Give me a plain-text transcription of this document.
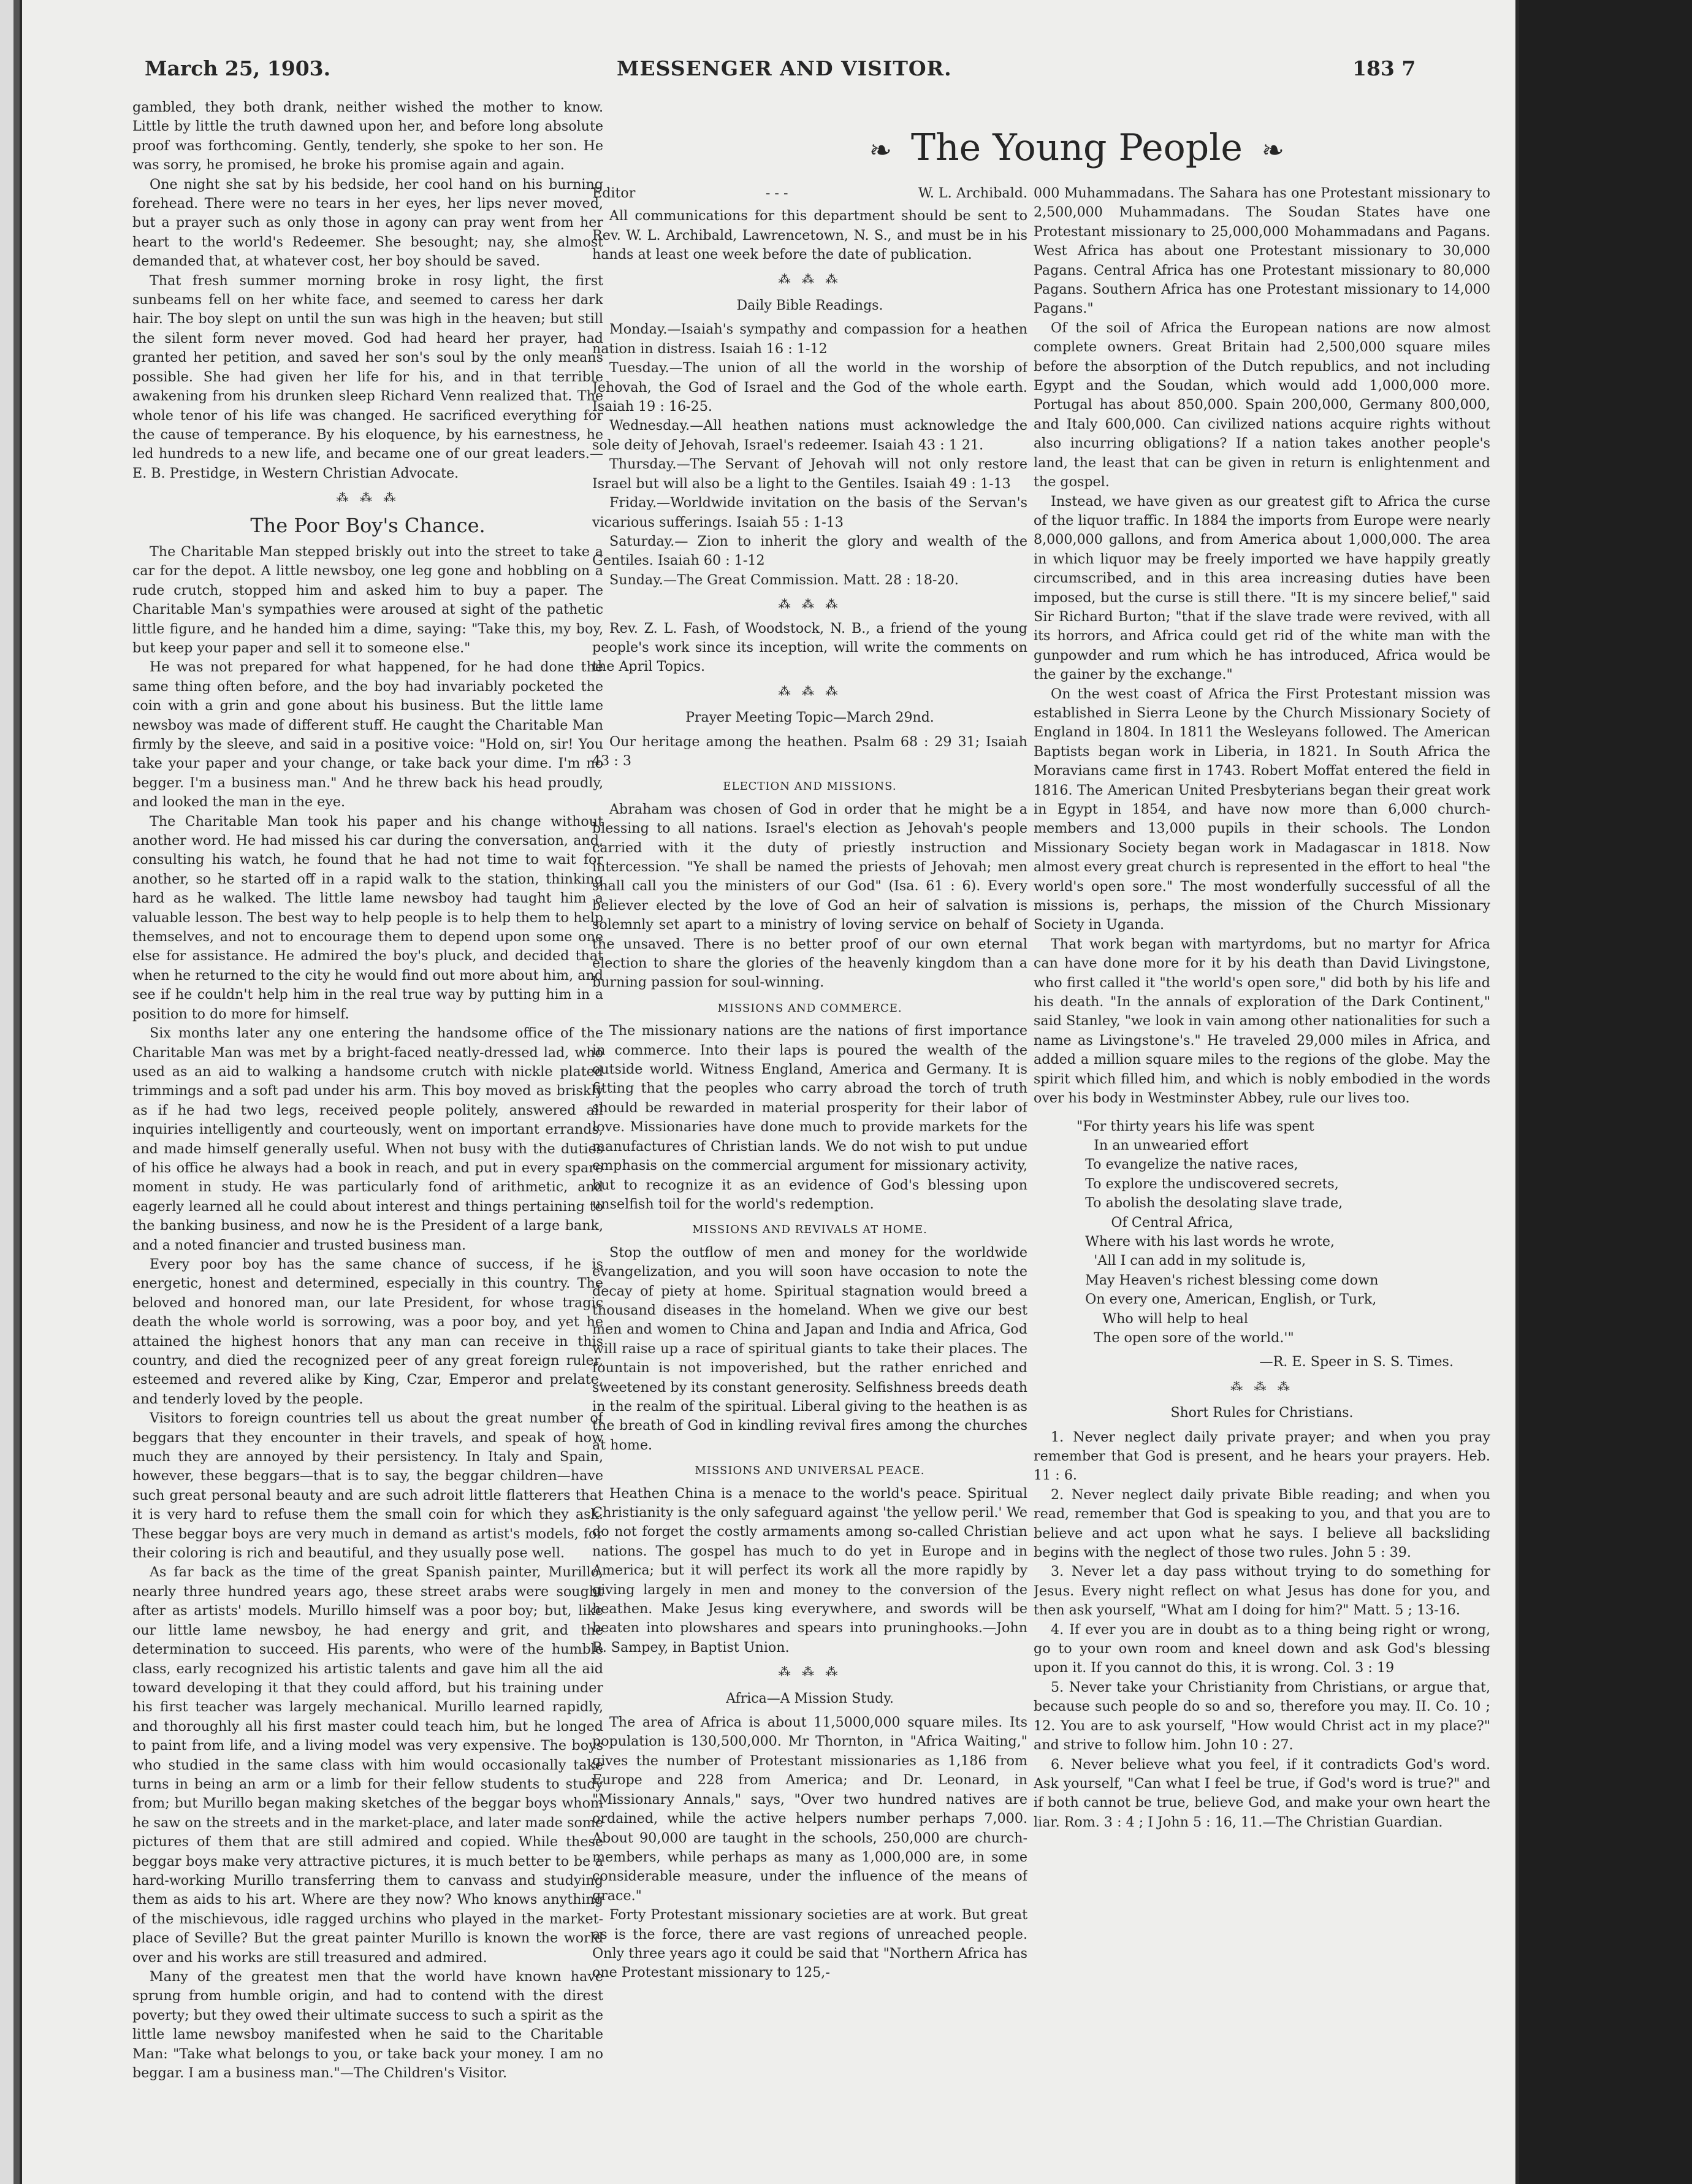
March 25, 1903.	MESSENGER AND VISITOR.	183 7
❧ The Young People ❧

gambled, they both drank, neither wished the mother to know. Little by little the truth dawned upon her, and before long absolute proof was forthcoming. Gently, tenderly, she spoke to her son. He was sorry, he promised, he broke his promise again and again.

One night she sat by his bedside, her cool hand on his burning forehead. There were no tears in her eyes, her lips never moved, but a prayer such as only those in agony can pray went from her heart to the world's Redeemer. She besought; nay, she almost demanded that, at whatever cost, her boy should be saved.

That fresh summer morning broke in rosy light, the first sunbeams fell on her white face, and seemed to caress her dark hair. The boy slept on until the sun was high in the heaven; but still the silent form never moved. God had heard her prayer, had granted her petition, and saved her son's soul by the only means possible. She had given her life for his, and in that terrible awakening from his drunken sleep Richard Venn realized that. The whole tenor of his life was changed. He sacrificed everything for the cause of temperance. By his eloquence, by his earnestness, he led hundreds to a new life, and became one of our great leaders.—E. B. Prestidge, in Western Christian Advocate.

⁂ ⁂ ⁂
The Poor Boy's Chance.

The Charitable Man stepped briskly out into the street to take a car for the depot. A little newsboy, one leg gone and hobbling on a rude crutch, stopped him and asked him to buy a paper. The Charitable Man's sympathies were aroused at sight of the pathetic little figure, and he handed him a dime, saying: "Take this, my boy, but keep your paper and sell it to someone else."

He was not prepared for what happened, for he had done the same thing often before, and the boy had invariably pocketed the coin with a grin and gone about his business. But the little lame newsboy was made of different stuff. He caught the Charitable Man firmly by the sleeve, and said in a positive voice: "Hold on, sir! You take your paper and your change, or take back your dime. I'm no begger. I'm a business man." And he threw back his head proudly, and looked the man in the eye.

The Charitable Man took his paper and his change without another word. He had missed his car during the conversation, and, consulting his watch, he found that he had not time to wait for another, so he started off in a rapid walk to the station, thinking hard as he walked. The little lame newsboy had taught him a valuable lesson. The best way to help people is to help them to help themselves, and not to encourage them to depend upon some one else for assistance. He admired the boy's pluck, and decided that when he returned to the city he would find out more about him, and see if he couldn't help him in the real true way by putting him in a position to do more for himself.

Six months later any one entering the handsome office of the Charitable Man was met by a bright-faced neatly-dressed lad, who used as an aid to walking a handsome crutch with nickle plated trimmings and a soft pad under his arm. This boy moved as briskly as if he had two legs, received people politely, answered all inquiries intelligently and courteously, went on important errands, and made himself generally useful. When not busy with the duties of his office he always had a book in reach, and put in every spare moment in study. He was particularly fond of arithmetic, and eagerly learned all he could about interest and things pertaining to the banking business, and now he is the President of a large bank, and a noted financier and trusted business man.

Every poor boy has the same chance of success, if he is energetic, honest and determined, especially in this country. The beloved and honored man, our late President, for whose tragic death the whole world is sorrowing, was a poor boy, and yet he attained the highest honors that any man can receive in this country, and died the recognized peer of any great foreign ruler, esteemed and revered alike by King, Czar, Emperor and prelate, and tenderly loved by the people.

Visitors to foreign countries tell us about the great number of beggars that they encounter in their travels, and speak of how much they are annoyed by their persistency. In Italy and Spain, however, these beggars—that is to say, the beggar children—have such great personal beauty and are such adroit little flatterers that it is very hard to refuse them the small coin for which they ask. These beggar boys are very much in demand as artist's models, for their coloring is rich and beautiful, and they usually pose well.

As far back as the time of the great Spanish painter, Murillo, nearly three hundred years ago, these street arabs were sought after as artists' models. Murillo himself was a poor boy; but, like our little lame newsboy, he had energy and grit, and the determination to succeed. His parents, who were of the humble class, early recognized his artistic talents and gave him all the aid toward developing it that they could afford, but his training under his first teacher was largely mechanical. Murillo learned rapidly, and thoroughly all his first master could teach him, but he longed to paint from life, and a living model was very expensive. The boys who studied in the same class with him would occasionally take turns in being an arm or a limb for their fellow students to study from; but Murillo began making sketches of the beggar boys whom he saw on the streets and in the market-place, and later made some pictures of them that are still admired and copied. While these beggar boys make very attractive pictures, it is much better to be a hard-working Murillo transferring them to canvass and studying them as aids to his art. Where are they now? Who knows anything of the mischievous, idle ragged urchins who played in the market-place of Seville? But the great painter Murillo is known the world over and his works are still treasured and admired.

Many of the greatest men that the world have known have sprung from humble origin, and had to contend with the direst poverty; but they owed their ultimate success to such a spirit as the little lame newsboy manifested when he said to the Charitable Man: "Take what belongs to you, or take back your money. I am no beggar. I am a business man."—The Children's Visitor.

Editor	- - -	W. L. Archibald.

All communications for this department should be sent to Rev. W. L. Archibald, Lawrencetown, N. S., and must be in his hands at least one week before the date of publication.

⁂ ⁂ ⁂
Daily Bible Readings.

Monday.—Isaiah's sympathy and compassion for a heathen nation in distress. Isaiah 16 : 1-12

Tuesday.—The union of all the world in the worship of Jehovah, the God of Israel and the God of the whole earth. Isaiah 19 : 16-25.

Wednesday.—All heathen nations must acknowledge the sole deity of Jehovah, Israel's redeemer. Isaiah 43 : 1 21.

Thursday.—The Servant of Jehovah will not only restore Israel but will also be a light to the Gentiles. Isaiah 49 : 1-13

Friday.—Worldwide invitation on the basis of the Servan's vicarious sufferings. Isaiah 55 : 1-13

Saturday.— Zion to inherit the glory and wealth of the Gentiles. Isaiah 60 : 1-12

Sunday.—The Great Commission. Matt. 28 : 18-20.

⁂ ⁂ ⁂

Rev. Z. L. Fash, of Woodstock, N. B., a friend of the young people's work since its inception, will write the comments on the April Topics.

⁂ ⁂ ⁂
Prayer Meeting Topic—March 29nd.

Our heritage among the heathen. Psalm 68 : 29 31; Isaiah 43 : 3

ELECTION AND MISSIONS.

Abraham was chosen of God in order that he might be a blessing to all nations. Israel's election as Jehovah's people carried with it the duty of priestly instruction and intercession. "Ye shall be named the priests of Jehovah; men shall call you the ministers of our God" (Isa. 61 : 6). Every believer elected by the love of God an heir of salvation is solemnly set apart to a ministry of loving service on behalf of the unsaved. There is no better proof of our own eternal election to share the glories of the heavenly kingdom than a burning passion for soul-winning.

MISSIONS AND COMMERCE.

The missionary nations are the nations of first importance in commerce. Into their laps is poured the wealth of the outside world. Witness England, America and Germany. It is fitting that the peoples who carry abroad the torch of truth should be rewarded in material prosperity for their labor of love. Missionaries have done much to provide markets for the manufactures of Christian lands. We do not wish to put undue emphasis on the commercial argument for missionary activity, but to recognize it as an evidence of God's blessing upon unselfish toil for the world's redemption.

MISSIONS AND REVIVALS AT HOME.

Stop the outflow of men and money for the worldwide evangelization, and you will soon have occasion to note the decay of piety at home. Spiritual stagnation would breed a thousand diseases in the homeland. When we give our best men and women to China and Japan and India and Africa, God will raise up a race of spiritual giants to take their places. The fountain is not impoverished, but the rather enriched and sweetened by its constant generosity. Selfishness breeds death in the realm of the spiritual. Liberal giving to the heathen is as the breath of God in kindling revival fires among the churches at home.

MISSIONS AND UNIVERSAL PEACE.

Heathen China is a menace to the world's peace. Spiritual Christianity is the only safeguard against 'the yellow peril.' We do not forget the costly armaments among so-called Christian nations. The gospel has much to do yet in Europe and in America; but it will perfect its work all the more rapidly by giving largely in men and money to the conversion of the heathen. Make Jesus king everywhere, and swords will be beaten into plowshares and spears into pruninghooks.—John R. Sampey, in Baptist Union.

⁂ ⁂ ⁂
Africa—A Mission Study.

The area of Africa is about 11,5000,000 square miles. Its population is 130,500,000. Mr Thornton, in "Africa Waiting," gives the number of Protestant missionaries as 1,186 from Europe and 228 from America; and Dr. Leonard, in "Missionary Annals," says, "Over two hundred natives are ordained, while the active helpers number perhaps 7,000. About 90,000 are taught in the schools, 250,000 are church-members, while perhaps as many as 1,000,000 are, in some considerable measure, under the influence of the means of grace."

Forty Protestant missionary societies are at work. But great as is the force, there are vast regions of unreached people. Only three years ago it could be said that "Northern Africa has one Protestant missionary to 125,-

000 Muhammadans. The Sahara has one Protestant missionary to 2,500,000 Muhammadans. The Soudan States have one Protestant missionary to 25,000,000 Mohammadans and Pagans. West Africa has about one Protestant missionary to 30,000 Pagans. Central Africa has one Protestant missionary to 80,000 Pagans. Southern Africa has one Protestant missionary to 14,000 Pagans."

Of the soil of Africa the European nations are now almost complete owners. Great Britain had 2,500,000 square miles before the absorption of the Dutch republics, and not including Egypt and the Soudan, which would add 1,000,000 more. Portugal has about 850,000. Spain 200,000, Germany 800,000, and Italy 600,000. Can civilized nations acquire rights without also incurring obligations? If a nation takes another people's land, the least that can be given in return is enlightenment and the gospel.

Instead, we have given as our greatest gift to Africa the curse of the liquor traffic. In 1884 the imports from Europe were nearly 8,000,000 gallons, and from America about 1,000,000. The area in which liquor may be freely imported we have happily greatly circumscribed, and in this area increasing duties have been imposed, but the curse is still there. "It is my sincere belief," said Sir Richard Burton; "that if the slave trade were revived, with all its horrors, and Africa could get rid of the white man with the gunpowder and rum which he has introduced, Africa would be the gainer by the exchange."

On the west coast of Africa the First Protestant mission was established in Sierra Leone by the Church Missionary Society of England in 1804. In 1811 the Wesleyans followed. The American Baptists began work in Liberia, in 1821. In South Africa the Moravians came first in 1743. Robert Moffat entered the field in 1816. The American United Presbyterians began their great work in Egypt in 1854, and have now more than 6,000 church-members and 13,000 pupils in their schools. The London Missionary Society began work in Madagascar in 1818. Now almost every great church is represented in the effort to heal "the world's open sore." The most wonderfully successful of all the missions is, perhaps, the mission of the Church Missionary Society in Uganda.

That work began with martyrdoms, but no martyr for Africa can have done more for it by his death than David Livingstone, who first called it "the world's open sore," did both by his life and his death. "In the annals of exploration of the Dark Continent," said Stanley, "we look in vain among other nationalities for such a name as Livingstone's." He traveled 29,000 miles in Africa, and added a million square miles to the regions of the globe. May the spirit which filled him, and which is nobly embodied in the words over his body in Westminster Abbey, rule our lives too.

"For thirty years his life was spent
In an unwearied effort
To evangelize the native races,
To explore the undiscovered secrets,
To abolish the desolating slave trade,
Of Central Africa,
Where with his last words he wrote,
'All I can add in my solitude is,
May Heaven's richest blessing come down
On every one, American, English, or Turk,
Who will help to heal
The open sore of the world.'"
—R. E. Speer in S. S. Times.
⁂ ⁂ ⁂
Short Rules for Christians.

1. Never neglect daily private prayer; and when you pray remember that God is present, and he hears your prayers. Heb. 11 : 6.

2. Never neglect daily private Bible reading; and when you read, remember that God is speaking to you, and that you are to believe and act upon what he says. I believe all backsliding begins with the neglect of those two rules. John 5 : 39.

3. Never let a day pass without trying to do something for Jesus. Every night reflect on what Jesus has done for you, and then ask yourself, "What am I doing for him?" Matt. 5 ; 13-16.

4. If ever you are in doubt as to a thing being right or wrong, go to your own room and kneel down and ask God's blessing upon it. If you cannot do this, it is wrong. Col. 3 : 19

5. Never take your Christianity from Christians, or argue that, because such people do so and so, therefore you may. II. Co. 10 ; 12. You are to ask yourself, "How would Christ act in my place?" and strive to follow him. John 10 : 27.

6. Never believe what you feel, if it contradicts God's word. Ask yourself, "Can what I feel be true, if God's word is true?" and if both cannot be true, believe God, and make your own heart the liar. Rom. 3 : 4 ; I John 5 : 16, 11.—The Christian Guardian.
